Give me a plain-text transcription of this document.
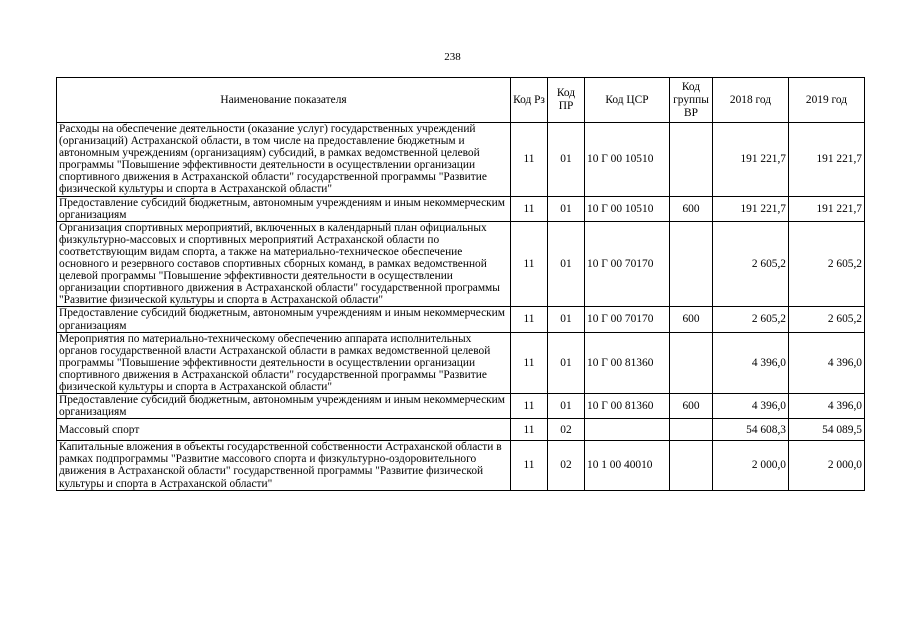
238
Наименование показателя	Код Рз	Код ПР	Код ЦСР	Код группы ВР	2018 год	2019 год
Расходы на обеспечение деятельности (оказание услуг) государственных учреждений (организаций) Астраханской области, в том числе на предоставление бюджетным и автономным учреждениям (организациям) субсидий, в рамках ведомственной целевой программы "Повышение эффективности деятельности в осуществлении организации спортивного движения в Астраханской области" государственной программы "Развитие физической культуры и спорта в Астраханской области"	11	01	10 Г 00 10510		191 221,7	191 221,7
Предоставление субсидий бюджетным, автономным учреждениям и иным некоммерческим организациям	11	01	10 Г 00 10510	600	191 221,7	191 221,7
Организация спортивных мероприятий, включенных в календарный план официальных физкультурно-массовых и спортивных мероприятий Астраханской области по соответствующим видам спорта, а также на материально-техническое обеспечение основного и резервного составов спортивных сборных команд, в рамках ведомственной целевой программы "Повышение эффективности деятельности в осуществлении организации спортивного движения в Астраханской области" государственной программы "Развитие физической культуры и спорта в Астраханской области"	11	01	10 Г 00 70170		2 605,2	2 605,2
Предоставление субсидий бюджетным, автономным учреждениям и иным некоммерческим организациям	11	01	10 Г 00 70170	600	2 605,2	2 605,2
Мероприятия по материально-техническому обеспечению аппарата исполнительных органов государственной власти Астраханской области в рамках ведомственной целевой программы "Повышение эффективности деятельности в осуществлении организации спортивного движения в Астраханской области" государственной программы "Развитие физической культуры и спорта в Астраханской области"	11	01	10 Г 00 81360		4 396,0	4 396,0
Предоставление субсидий бюджетным, автономным учреждениям и иным некоммерческим организациям	11	01	10 Г 00 81360	600	4 396,0	4 396,0
Массовый спорт	11	02			54 608,3	54 089,5
Капитальные вложения в объекты государственной собственности Астраханской области в рамках подпрограммы "Развитие массового спорта и физкультурно-оздоровительного движения в Астраханской области" государственной программы "Развитие физической культуры и спорта в Астраханской области"	11	02	10 1 00 40010		2 000,0	2 000,0
